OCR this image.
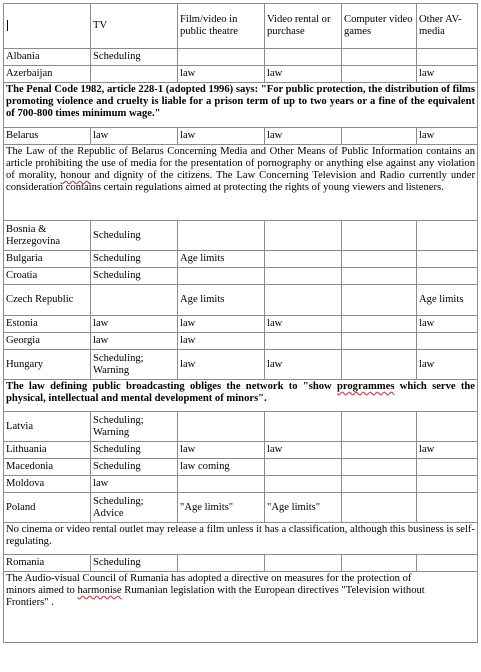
	TV	Film/video in public theatre	Video rental or purchase	Computer video games	Other AV-media
Albania	Scheduling				
Azerbaijan		law	law		law
The Penal Code 1982, article 228-1 (adopted 1996) says: "For public protection, the distribution of films promoting violence and cruelty is liable for a prison term of up to two years or a fine of the equivalent of 700-800 times minimum wage."					
Belarus	law	law	law		law
The Law of the Republic of Belarus Concerning Media and Other Means of Public Information contains an article prohibiting the use of media for the presentation of pornography or anything else against any violation of morality, honour and dignity of the citizens. The Law Concerning Television and Radio currently under consideration contains certain regulations aimed at protecting the rights of young viewers and listeners.					
Bosnia & Herzegovina	Scheduling				
Bulgaria	Scheduling	Age limits			
Croatia	Scheduling				
Czech Republic		Age limits			Age limits
Estonia	law	law	law		law
Georgia	law	law			
Hungary	Scheduling; Warning	law	law		law
The law defining public broadcasting obliges the network to "show programmes which serve the physical, intellectual and mental development of minors".					
Latvia	Scheduling; Warning				
Lithuania	Scheduling	law	law		law
Macedonia	Scheduling	law coming			
Moldova	law				
Poland	Scheduling; Advice	"Age limits"	"Age limits"		
No cinema or video rental outlet may release a film unless it has a classification, although this business is self-regulating.					
Romania	Scheduling				
The Audio-visual Council of Rumania has adopted a directive on measures for the protection of
minors aimed to harmonise Rumanian legislation with the European directives "Television without
Frontiers" .					
